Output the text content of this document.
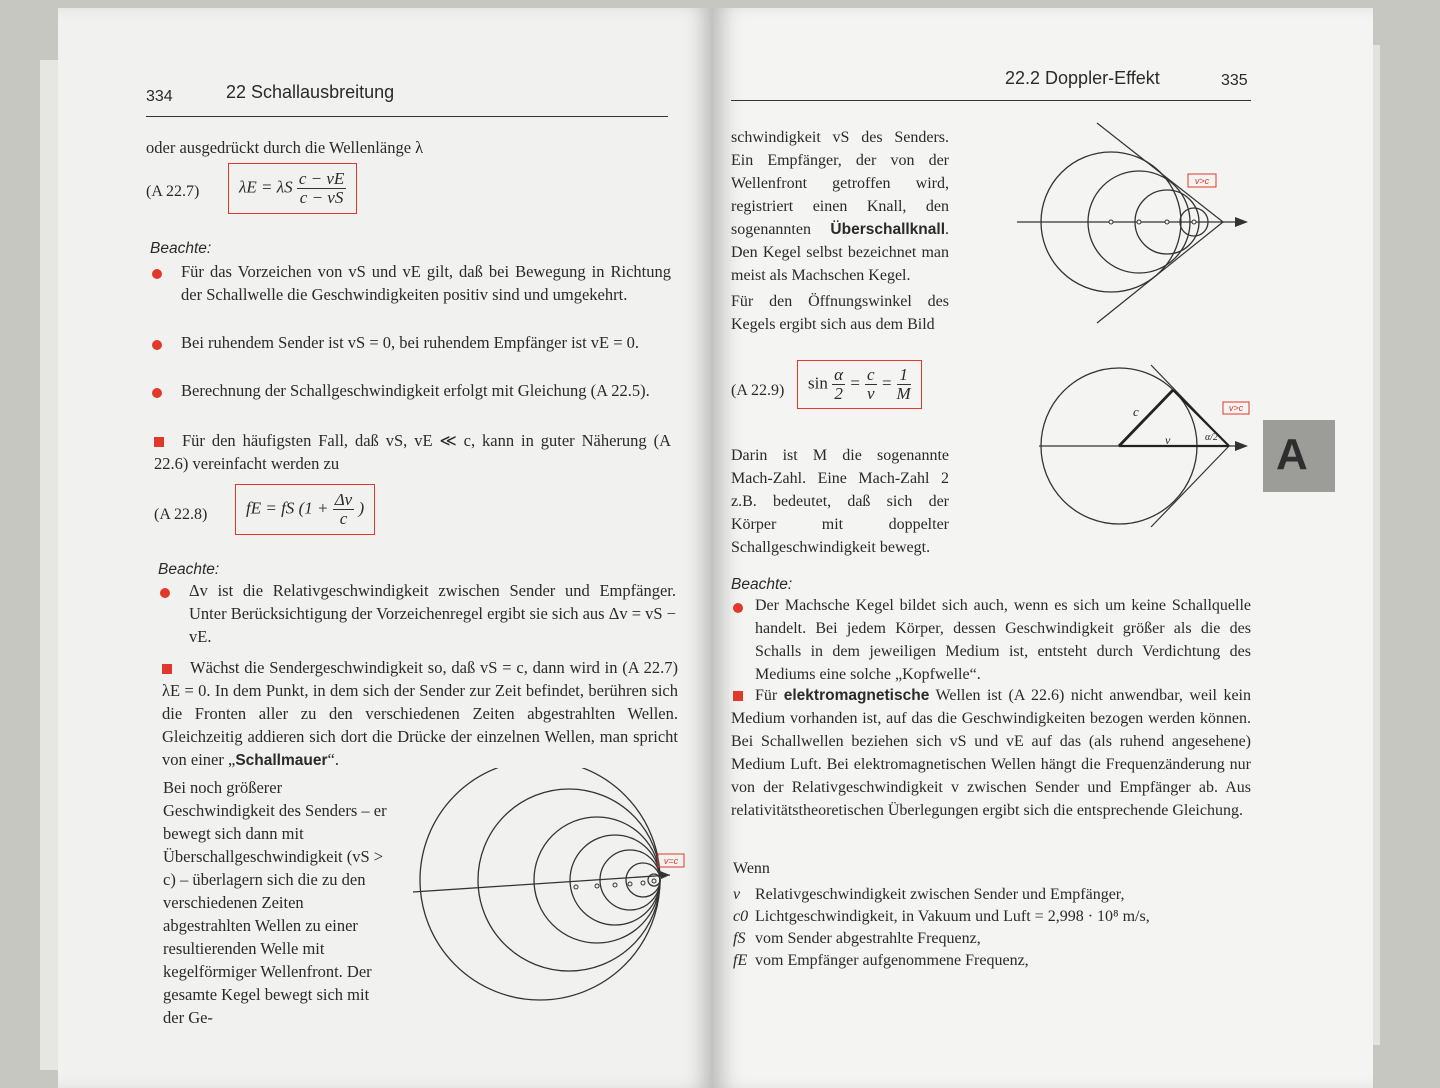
334	22 Schallausbreitung
oder ausgedrückt durch die Wellenlänge λ
(A 22.7)	λE = λS $\frac{c - vE}{c - vS}$
Beachte:
Für das Vorzeichen von vS und vE gilt, daß bei Bewegung in Richtung der Schallwelle die Geschwindigkeiten positiv sind und umgekehrt.
Bei ruhendem Sender ist vS = 0, bei ruhendem Empfänger ist vE = 0.
Berechnung der Schallgeschwindigkeit erfolgt mit Gleichung (A 22.5).
Für den häufigsten Fall, daß vS, vE ≪ c, kann in guter Näherung (A 22.6) vereinfacht werden zu
(A 22.8)	fE = fS ($1 + \frac{\Delta v}{c}$ )
Beachte:
Δv ist die Relativgeschwindigkeit zwischen Sender und Empfänger. Unter Berücksichtigung der Vorzeichenregel ergibt sie sich aus Δv = vS − vE.
Wächst die Sendergeschwindigkeit so, daß vS = c, dann wird in (A 22.7) λE = 0. In dem Punkt, in dem sich der Sender zur Zeit befindet, berühren sich die Fronten aller zu den verschiedenen Zeiten abgestrahlten Wellen. Gleichzeitig addieren sich dort die Drücke der einzelnen Wellen, man spricht von einer „Schallmauer“.
Bei noch größerer Geschwindigkeit des Senders – er bewegt sich dann mit Überschallgeschwindigkeit (vS > c) – überlagern sich die zu den verschiedenen Zeiten abgestrahlten Wellen zu einer resultierenden Welle mit kegelförmiger Wellenfront. Der gesamte Kegel bewegt sich mit der Ge-
v=c
22.2 Doppler-Effekt	335
schwindigkeit vS des Senders. Ein Empfänger, der von der Wellenfront getroffen wird, registriert einen Knall, den sogenannten Überschallknall. Den Kegel selbst bezeichnet man meist als Machschen Kegel.
Für den Öffnungswinkel des Kegels ergibt sich aus dem Bild
v>c
(A 22.9)	$\sin \frac{\alpha}{2} = \frac{c}{v} = \frac{1}{M}$
c
v	α/2
v>c
Darin ist M die sogenannte Mach-Zahl. Eine Mach-Zahl 2 z.B. bedeutet, daß sich der Körper mit doppelter Schallgeschwindigkeit bewegt.
Beachte:
Der Machsche Kegel bildet sich auch, wenn es sich um keine Schallquelle handelt. Bei jedem Körper, dessen Geschwindigkeit größer als die des Schalls in dem jeweiligen Medium ist, entsteht durch Verdichtung des Mediums eine solche „Kopfwelle“.
Für elektromagnetische Wellen ist (A 22.6) nicht anwendbar, weil kein Medium vorhanden ist, auf das die Geschwindigkeiten bezogen werden können. Bei Schallwellen beziehen sich vS und vE auf das (als ruhend angesehene) Medium Luft. Bei elektromagnetischen Wellen hängt die Frequenzänderung nur von der Relativgeschwindigkeit v zwischen Sender und Empfänger ab. Aus relativitätstheoretischen Überlegungen ergibt sich die entsprechende Gleichung.
Wenn
v Relativgeschwindigkeit zwischen Sender und Empfänger,
c0 Lichtgeschwindigkeit, in Vakuum und Luft = 2,998 · 10⁸ m/s,
fS vom Sender abgestrahlte Frequenz,
fE vom Empfänger aufgenommene Frequenz,
A
